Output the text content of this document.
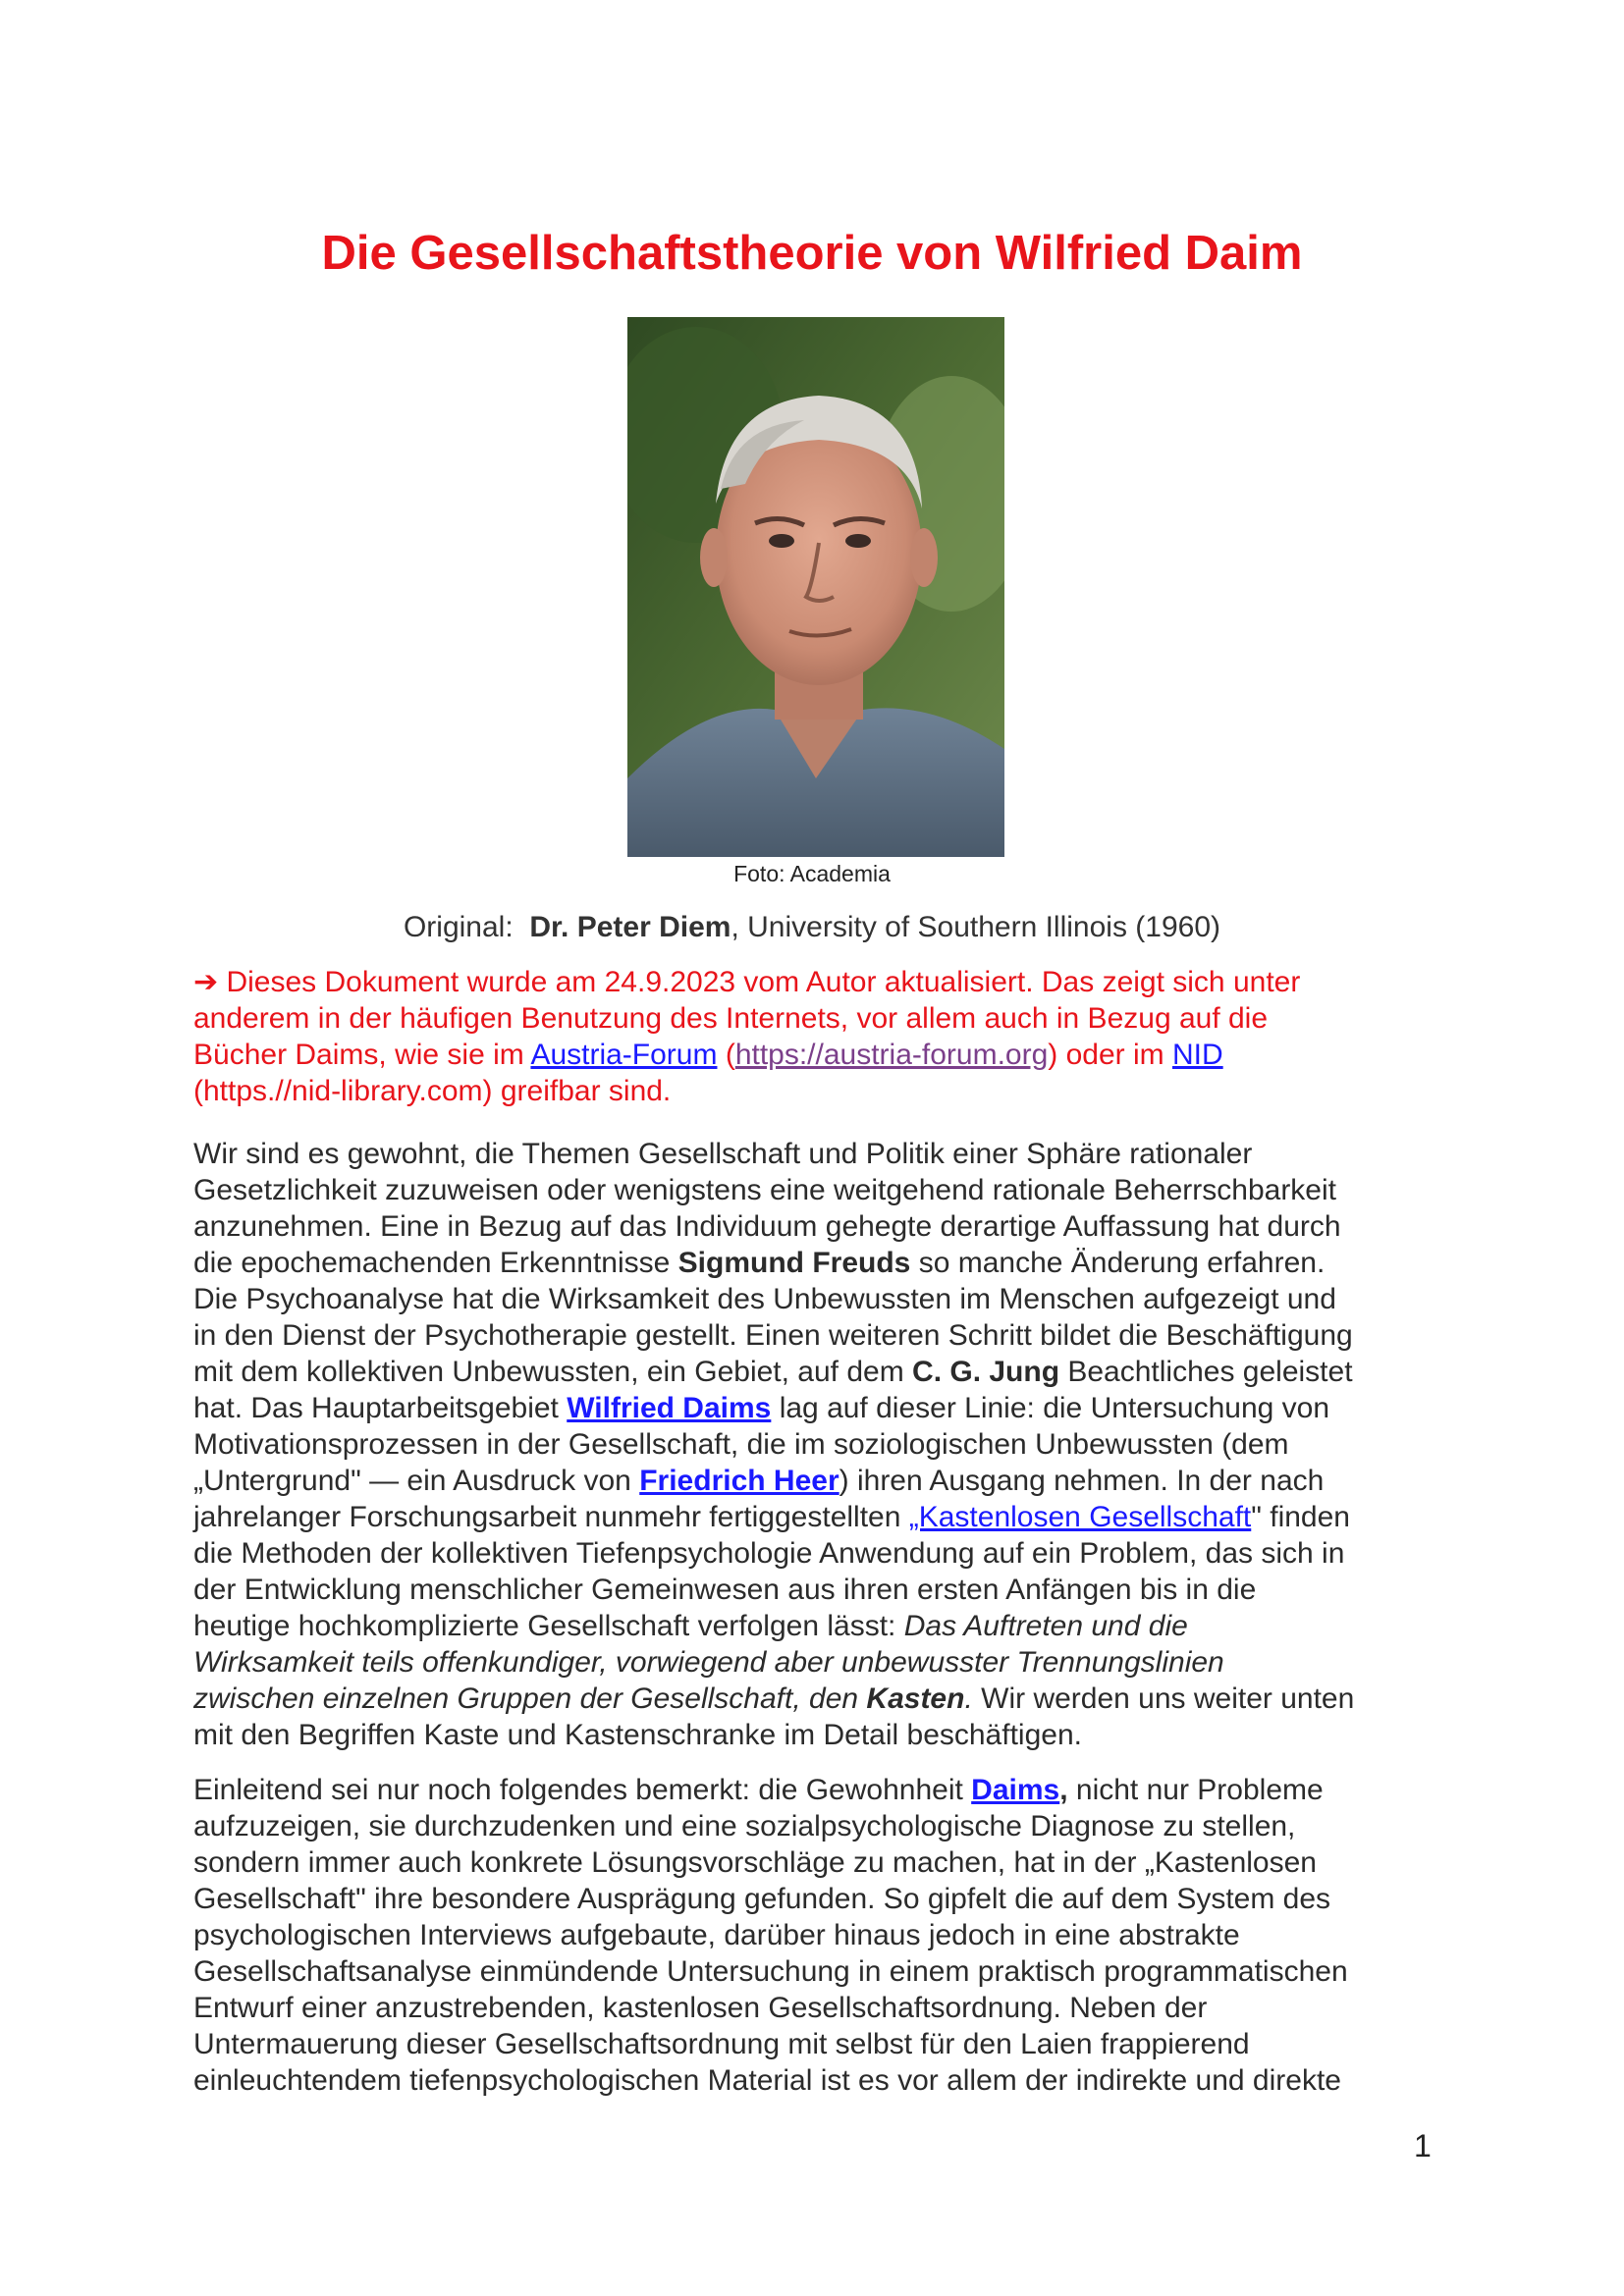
Die Gesellschaftstheorie von Wilfried Daim
Foto: Academia
Original: Dr. Peter Diem, University of Southern Illinois (1960)
➔ Dieses Dokument wurde am 24.9.2023 vom Autor aktualisiert. Das zeigt sich unter
anderem in der häufigen Benutzung des Internets, vor allem auch in Bezug auf die
Bücher Daims, wie sie im Austria-Forum (https://austria-forum.org) oder im NID
(https.//nid-library.com) greifbar sind.
Wir sind es gewohnt, die Themen Gesellschaft und Politik einer Sphäre rationaler
Gesetzlichkeit zuzuweisen oder wenigstens eine weitgehend rationale Beherrschbarkeit
anzunehmen. Eine in Bezug auf das Individuum gehegte derartige Auffassung hat durch
die epochemachenden Erkenntnisse Sigmund Freuds so manche Änderung erfahren.
Die Psychoanalyse hat die Wirksamkeit des Unbewussten im Menschen aufgezeigt und
in den Dienst der Psychotherapie gestellt. Einen weiteren Schritt bildet die Beschäftigung
mit dem kollektiven Unbewussten, ein Gebiet, auf dem C. G. Jung Beachtliches geleistet
hat. Das Hauptarbeitsgebiet Wilfried Daims lag auf dieser Linie: die Untersuchung von
Motivationsprozessen in der Gesellschaft, die im soziologischen Unbewussten (dem
„Untergrund" — ein Ausdruck von Friedrich Heer) ihren Ausgang nehmen. In der nach
jahrelanger Forschungsarbeit nunmehr fertiggestellten „Kastenlosen Gesellschaft" finden
die Methoden der kollektiven Tiefenpsychologie Anwendung auf ein Problem, das sich in
der Entwicklung menschlicher Gemeinwesen aus ihren ersten Anfängen bis in die
heutige hochkomplizierte Gesellschaft verfolgen lässt: Das Auftreten und die
Wirksamkeit teils offenkundiger, vorwiegend aber unbewusster Trennungslinien
zwischen einzelnen Gruppen der Gesellschaft, den Kasten. Wir werden uns weiter unten
mit den Begriffen Kaste und Kastenschranke im Detail beschäftigen.
Einleitend sei nur noch folgendes bemerkt: die Gewohnheit Daims, nicht nur Probleme
aufzuzeigen, sie durchzudenken und eine sozialpsychologische Diagnose zu stellen,
sondern immer auch konkrete Lösungsvorschläge zu machen, hat in der „Kastenlosen
Gesellschaft" ihre besondere Ausprägung gefunden. So gipfelt die auf dem System des
psychologischen Interviews aufgebaute, darüber hinaus jedoch in eine abstrakte
Gesellschaftsanalyse einmündende Untersuchung in einem praktisch programmatischen
Entwurf einer anzustrebenden, kastenlosen Gesellschaftsordnung. Neben der
Untermauerung dieser Gesellschaftsordnung mit selbst für den Laien frappierend
einleuchtendem tiefenpsychologischen Material ist es vor allem der indirekte und direkte
1
